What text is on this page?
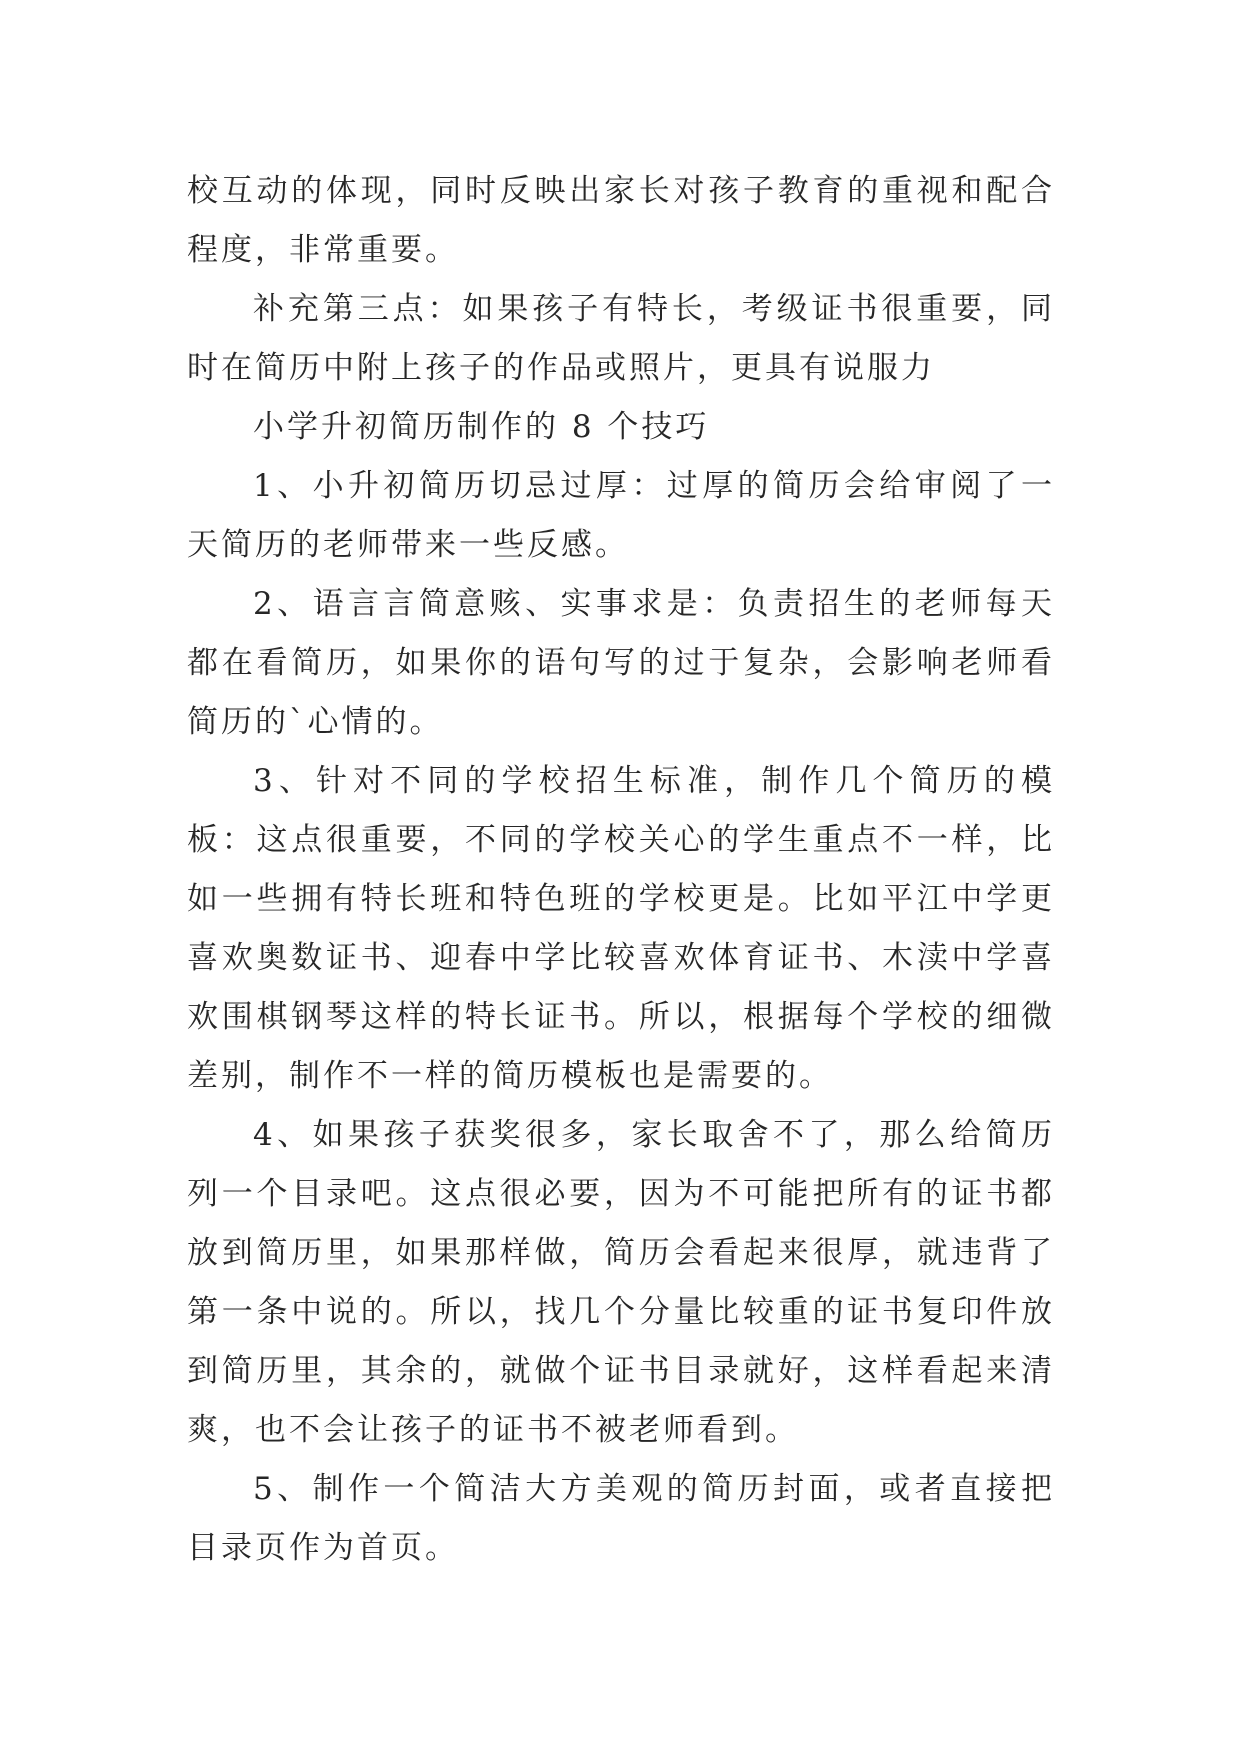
校互动的体现，同时反映出家长对孩子教育的重视和配合程度，非常重要。

补充第三点：如果孩子有特长，考级证书很重要，同时在简历中附上孩子的作品或照片，更具有说服力

小学升初简历制作的 8 个技巧

1、小升初简历切忌过厚：过厚的简历会给审阅了一天简历的老师带来一些反感。

2、语言言简意赅、实事求是：负责招生的老师每天都在看简历，如果你的语句写的过于复杂，会影响老师看简历的`心情的。

3、针对不同的学校招生标准，制作几个简历的模板：这点很重要，不同的学校关心的学生重点不一样，比如一些拥有特长班和特色班的学校更是。比如平江中学更喜欢奥数证书、迎春中学比较喜欢体育证书、木渎中学喜欢围棋钢琴这样的特长证书。所以，根据每个学校的细微差别，制作不一样的简历模板也是需要的。

4、如果孩子获奖很多，家长取舍不了，那么给简历列一个目录吧。这点很必要，因为不可能把所有的证书都放到简历里，如果那样做，简历会看起来很厚，就违背了第一条中说的。所以，找几个分量比较重的证书复印件放到简历里，其余的，就做个证书目录就好，这样看起来清爽，也不会让孩子的证书不被老师看到。

5、制作一个简洁大方美观的简历封面，或者直接把目录页作为首页。
